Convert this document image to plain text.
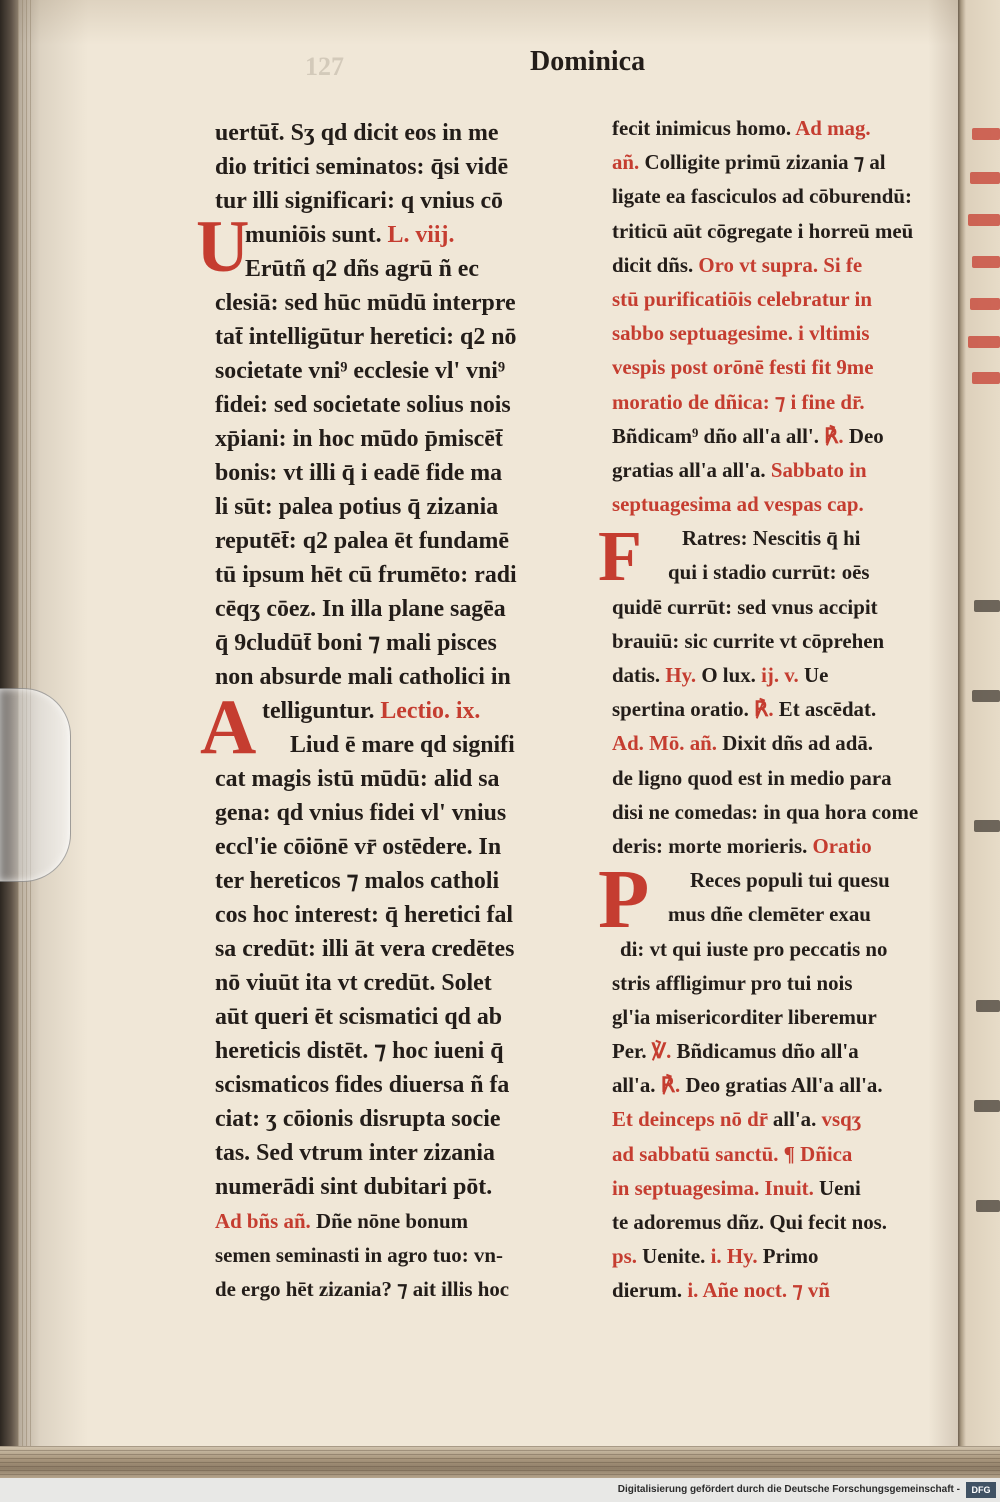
127	Dominica
U
A
F
P
uertūt̄. Sʒ qd dicit eos in me
dio tritici seminatos: q̄si vidē
tur illi significari: q vnius cō
muniōis sunt. L. viij.
Erūtñ q2 dñs agrū ñ ec
clesiā: sed hūc mūdū interpre
tat̄ intelligūtur heretici: q2 nō
societate vni⁹ ecclesie vl' vni⁹
fidei: sed societate solius nois
xp̄iani: in hoc mūdo p̄miscēt̄
bonis: vt illi q̄ i eadē fide ma
li sūt: palea potius q̄ zizania
reputēt̄: q2 palea ēt fundamē
tū ipsum hēt cū frumēto: radi
cēqʒ cōez. In illa plane sagēa
q̄ 9cludūt̄ boni ⁊ mali pisces
non absurde mali catholici in
telliguntur. Lectio. ix.
Liud ē mare qd signifi
cat magis istū mūdū: alid sa
gena: qd vnius fidei vl' vnius
eccl'ie cōiōnē vr̄ ostēdere. In
ter hereticos ⁊ malos catholi
cos hoc interest: q̄ heretici fal
sa credūt: illi āt vera credētes
nō viuūt ita vt credūt. Solet
aūt queri ēt scismatici qd ab
hereticis distēt. ⁊ hoc iueni q̄
scismaticos fides diuersa ñ fa
ciat: ʒ cōionis disrupta socie
tas. Sed vtrum inter zizania
numerādi sint dubitari pōt.
Ad bñs añ. Dñe nōne bonum
semen seminasti in agro tuo: vn-
de ergo hēt zizania? ⁊ ait illis hoc
fecit inimicus homo. Ad mag.
añ. Colligite primū zizania ⁊ al
ligate ea fasciculos ad cōburendū:
triticū aūt cōgregate i horreū meū
dicit dñs. Oro vt supra. Si fe
stū purificatiōis celebratur in
sabbo septuagesime. i vltimis
vespis post orōnē festi fit 9me
moratio de dñica: ⁊ i fine dr̄.
Bñdicam⁹ dño all'a all'. ℟. Deo
gratias all'a all'a. Sabbato in
septuagesima ad vespas cap.
Ratres: Nescitis q̄ hi
qui i stadio currūt: oēs
quidē currūt: sed vnus accipit
brauiū: sic currite vt cōprehen
datis. Hy. O lux. ij. v. Ue
spertina oratio. ℟. Et ascēdat.
Ad. Mō. añ. Dixit dñs ad adā.
de ligno quod est in medio para
disi ne comedas: in qua hora come
deris: morte morieris. Oratio
Reces populi tui quesu
mus dñe clemēter exau
di: vt qui iuste pro peccatis no
stris affligimur pro tui nois
gl'ia misericorditer liberemur
Per. ℣. Bñdicamus dño all'a
all'a. ℟. Deo gratias All'a all'a.
Et deinceps nō dr̄ all'a. vsqʒ
ad sabbatū sanctū. ¶ Dñica
in septuagesima. Inuit. Ueni
te adoremus dñz. Qui fecit nos.
ps. Uenite. i. Hy. Primo
dierum. i. Añe noct. ⁊ vñ
Digitalisierung gefördert durch die Deutsche Forschungsgemeinschaft -	DFG
